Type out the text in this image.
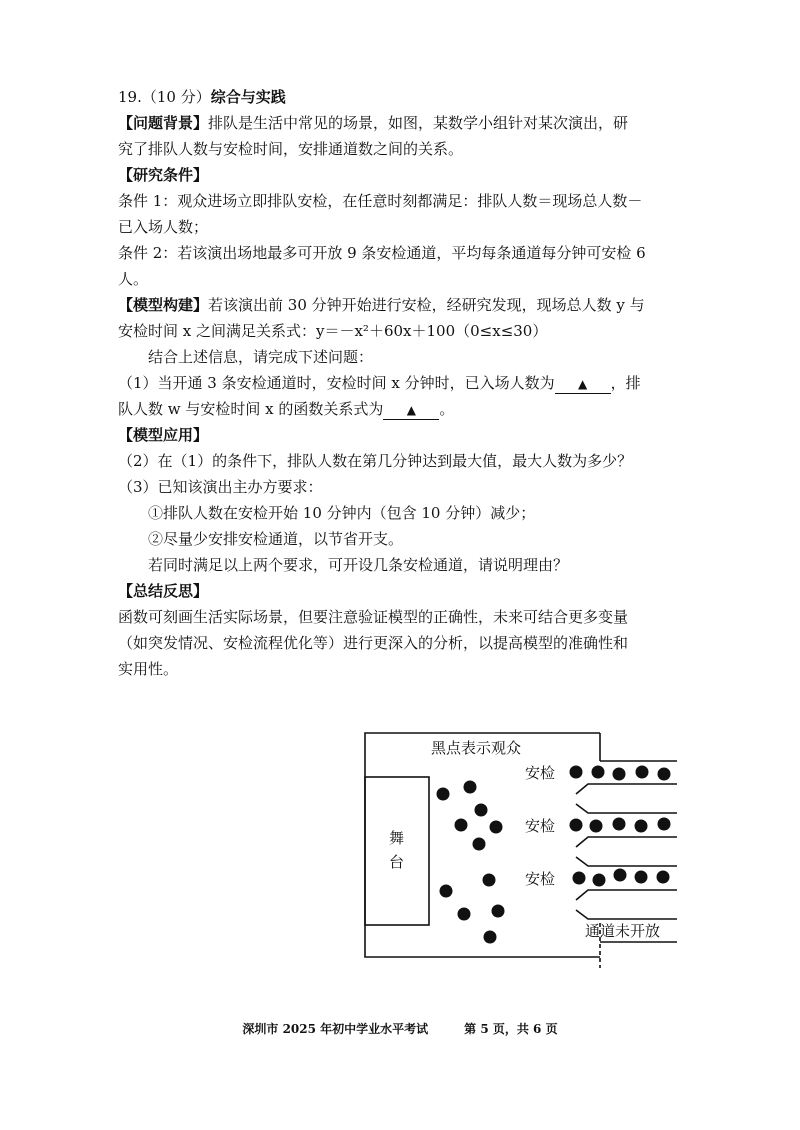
19.（10 分）综合与实践

【问题背景】排队是生活中常见的场景，如图，某数学小组针对某次演出，研

究了排队人数与安检时间，安排通道数之间的关系。

【研究条件】

条件 1：观众进场立即排队安检，在任意时刻都满足：排队人数＝现场总人数－

已入场人数；

条件 2：若该演出场地最多可开放 9 条安检通道，平均每条通道每分钟可安检 6

人。

【模型构建】若该演出前 30 分钟开始进行安检，经研究发现，现场总人数 y 与

安检时间 x 之间满足关系式：y＝－x²＋60x＋100（0≤x≤30）

结合上述信息，请完成下述问题：

（1）当开通 3 条安检通道时，安检时间 x 分钟时，已入场人数为 ▲ ，排

队人数 w 与安检时间 x 的函数关系式为 ▲ 。

【模型应用】

（2）在（1）的条件下，排队人数在第几分钟达到最大值，最大人数为多少？

（3）已知该演出主办方要求：

①排队人数在安检开始 10 分钟内（包含 10 分钟）减少；

②尽量少安排安检通道，以节省开支。

若同时满足以上两个要求，可开设几条安检通道，请说明理由？

【总结反思】

函数可刻画生活实际场景，但要注意验证模型的正确性，未来可结合更多变量

（如突发情况、安检流程优化等）进行更深入的分析，以提高模型的准确性和

实用性。

黑点表示观众
舞
台
安检
安检
安检
通道未开放
深圳市 2025 年初中学业水平考试	第 5 页，共 6 页
